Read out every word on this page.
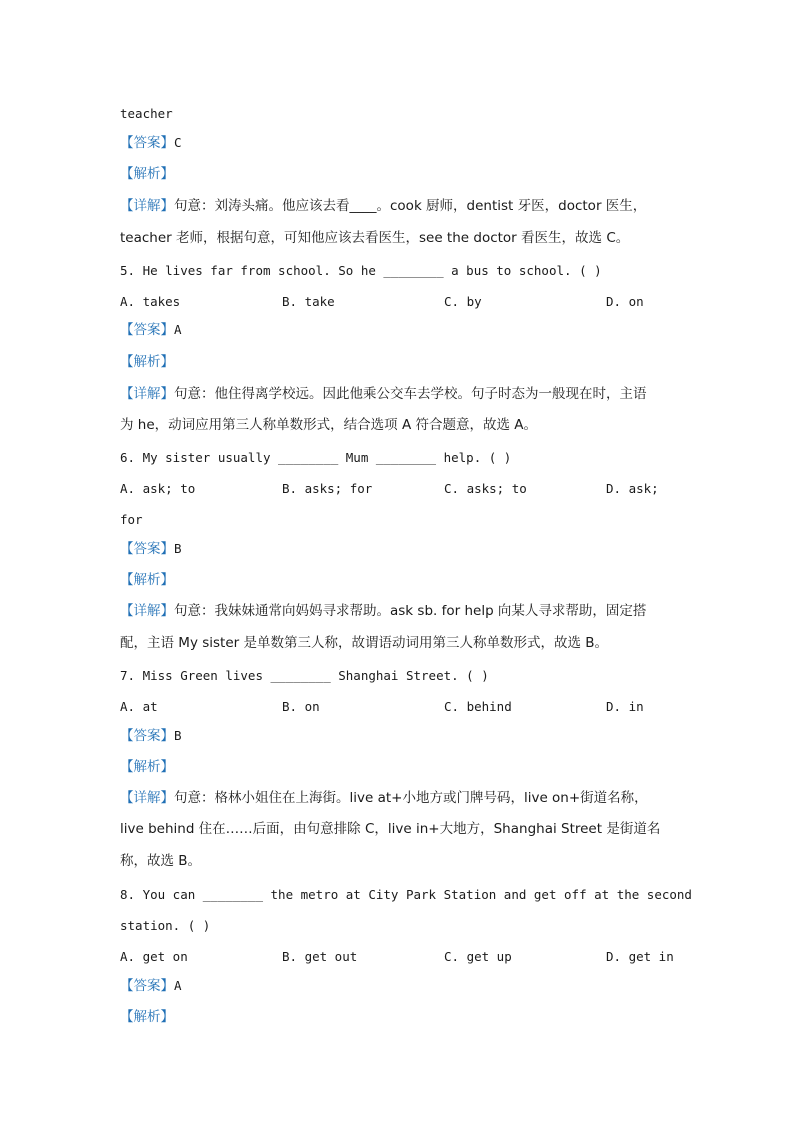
teacher
【答案】C
【解析】
【详解】句意：刘涛头痛。他应该去看____。cook 厨师，dentist 牙医，doctor 医生，
teacher 老师，根据句意，可知他应该去看医生，see the doctor 看医生，故选 C。
5. He lives far from school. So he ________ a bus to school. ( )
A. takes	B. take	C. by	D. on
【答案】A
【解析】
【详解】句意：他住得离学校远。因此他乘公交车去学校。句子时态为一般现在时，主语
为 he，动词应用第三人称单数形式，结合选项 A 符合题意，故选 A。
6. My sister usually ________ Mum ________ help. ( )
A. ask; to	B. asks; for	C. asks; to	D. ask;
for
【答案】B
【解析】
【详解】句意：我妹妹通常向妈妈寻求帮助。ask sb. for help 向某人寻求帮助，固定搭
配，主语 My sister 是单数第三人称，故谓语动词用第三人称单数形式，故选 B。
7. Miss Green lives ________ Shanghai Street. ( )
A. at	B. on	C. behind	D. in
【答案】B
【解析】
【详解】句意：格林小姐住在上海街。live at+小地方或门牌号码，live on+街道名称，
live behind 住在……后面，由句意排除 C，live in+大地方，Shanghai Street 是街道名
称，故选 B。
8. You can ________ the metro at City Park Station and get off at the second
station. ( )
A. get on	B. get out	C. get up	D. get in
【答案】A
【解析】
